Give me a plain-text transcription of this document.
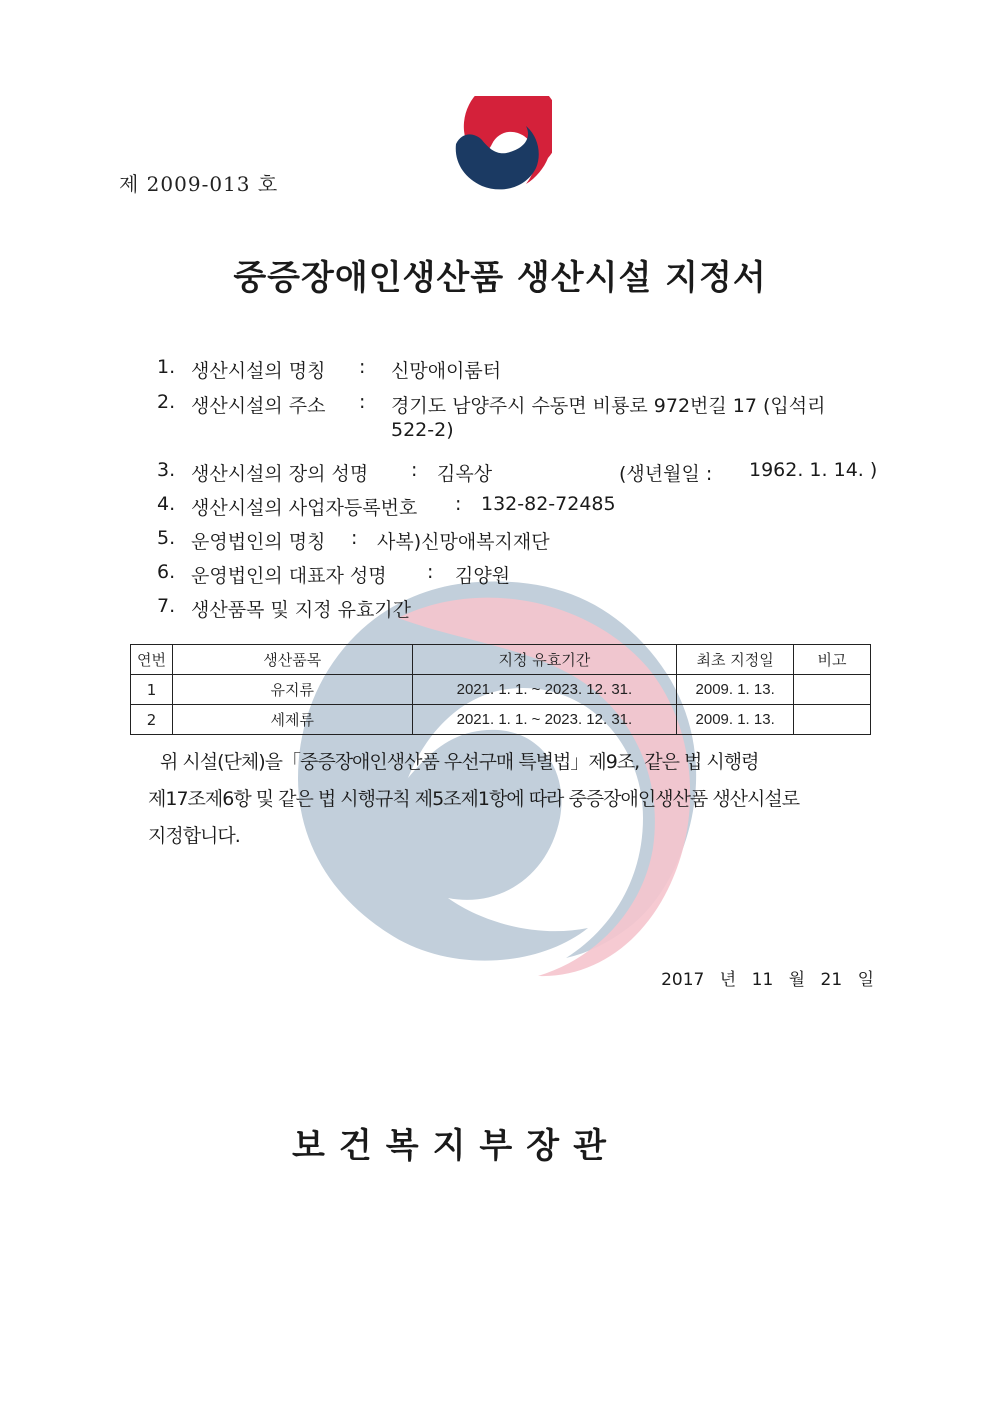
제 2009-013 호
중증장애인생산품 생산시설 지정서
1. 생산시설의 명칭 : 신망애이룸터
2. 생산시설의 주소 : 경기도 남양주시 수동면 비룡로 972번길 17 (입석리
522-2)
3. 생산시설의 장의 성명 : 김옥상	(생년월일 : 1962. 1. 14. )
4. 생산시설의 사업자등록번호 : 132-82-72485
5. 운영법인의 명칭 : 사복)신망애복지재단
6. 운영법인의 대표자 성명 : 김양원
7. 생산품목 및 지정 유효기간
연번	생산품목	지정 유효기간	최초 지정일	비고
1	유지류	2021. 1. 1. ~ 2023. 12. 31.	2009. 1. 13.	
2	세제류	2021. 1. 1. ~ 2023. 12. 31.	2009. 1. 13.	
위 시설(단체)을「중증장애인생산품 우선구매 특별법」제9조, 같은 법 시행령
제17조제6항 및 같은 법 시행규칙 제5조제1항에 따라 중증장애인생산품 생산시설로
지정합니다.
2017 년 11 월 21 일
보건복지부장관
